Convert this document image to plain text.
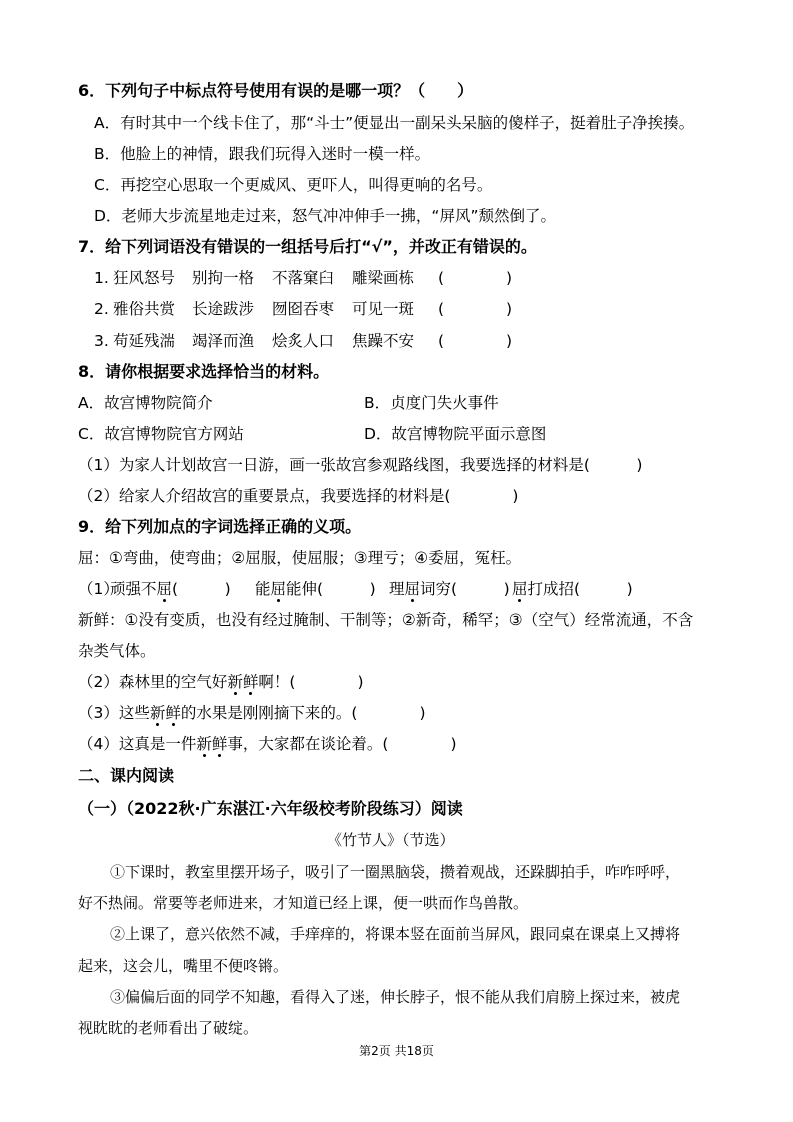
6．下列句子中标点符号使用有误的是哪一项？（　　）
A．有时其中一个线卡住了，那“斗士”便显出一副呆头呆脑的傻样子，挺着肚子净挨揍。
B．他脸上的神情，跟我们玩得入迷时一模一样。
C．再挖空心思取一个更威风、更吓人，叫得更响的名号。
D．老师大步流星地走过来，怒气冲冲伸手一拂，“屏风”颓然倒了。
7．给下列词语没有错误的一组括号后打“√”，并改正有错误的。
1. 狂风怒号 别拘一格 不落窠臼 雕梁画栋 (　　　　)
2. 雅俗共赏 长途跋涉 囫囵吞枣 可见一斑 (　　　　)
3. 苟延残湍 竭泽而渔 烩炙人口 焦躁不安 (　　　　)
8．请你根据要求选择恰当的材料。
A．故宫博物院简介	B．贞度门失火事件
C．故宫博物院官方网站	D．故宫博物院平面示意图
（1）为家人计划故宫一日游，画一张故宫参观路线图，我要选择的材料是(　　　)
（2）给家人介绍故宫的重要景点，我要选择的材料是(　　　　)
9．给下列加点的字词选择正确的义项。
屈：①弯曲，使弯曲；②屈服，使屈服；③理亏；④委屈，冤枉。
（1）
顽强不屈(　　　) 能屈能伸(　　　) 理屈词穷(　　　) 屈打成招(　　　)
新鲜：①没有变质，也没有经过腌制、干制等；②新奇，稀罕；③（空气）经常流通，不含
杂类气体。
（2）森林里的空气好新鲜啊！(　　　　)
（3）这些新鲜的水果是刚刚摘下来的。(　　　　)
（4）这真是一件新鲜事，大家都在谈论着。(　　　　)
二、课内阅读
（一）（2022秋·广东湛江·六年级校考阶段练习）阅读
《竹节人》（节选）
①下课时，教室里摆开场子，吸引了一圈黑脑袋，攒着观战，还跺脚拍手，咋咋呼呼，
好不热闹。常要等老师进来，才知道已经上课，便一哄而作鸟兽散。
②上课了，意兴依然不减，手痒痒的，将课本竖在面前当屏风，跟同桌在课桌上又搏将
起来，这会儿，嘴里不便咚锵。
③偏偏后面的同学不知趣，看得入了迷，伸长脖子，恨不能从我们肩膀上探过来，被虎
视眈眈的老师看出了破绽。
第2页 共18页
